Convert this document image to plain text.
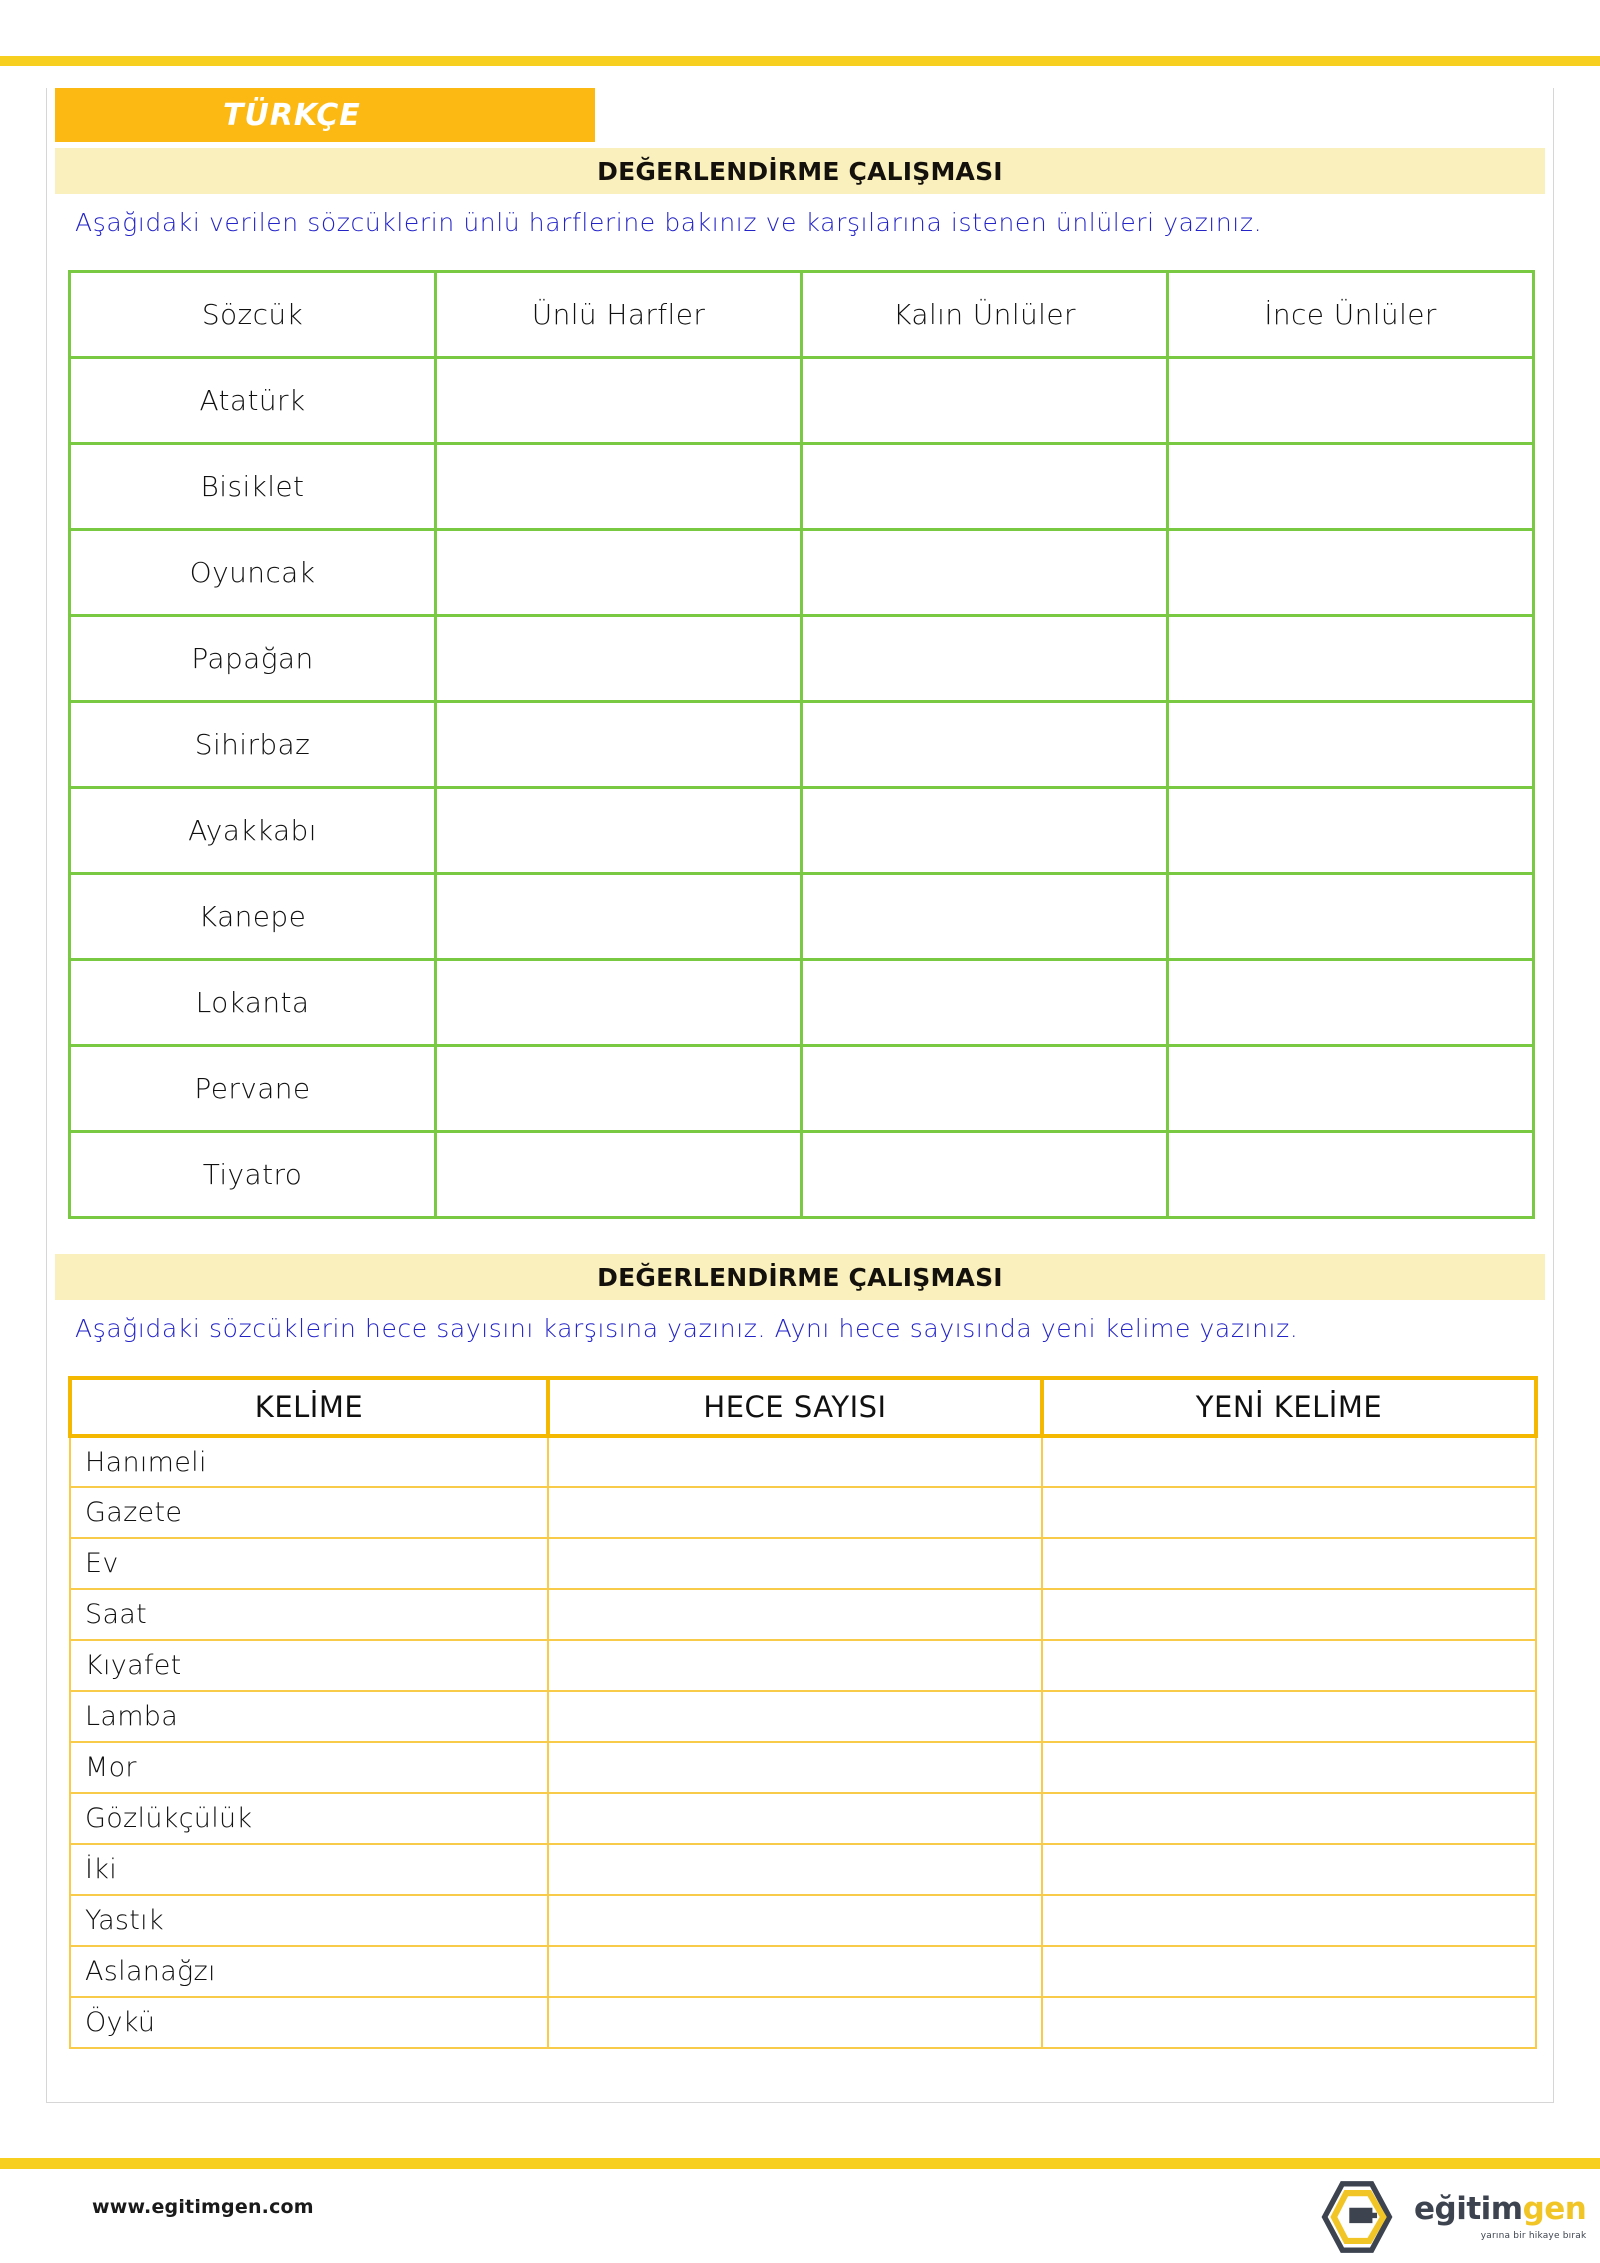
TÜRKÇE
DEĞERLENDİRME ÇALIŞMASI
Aşağıdaki verilen sözcüklerin ünlü harflerine bakınız ve karşılarına istenen ünlüleri yazınız.
Sözcük	Ünlü Harfler	Kalın Ünlüler	İnce Ünlüler
Atatürk			
Bisiklet			
Oyuncak			
Papağan			
Sihirbaz			
Ayakkabı			
Kanepe			
Lokanta			
Pervane			
Tiyatro			
DEĞERLENDİRME ÇALIŞMASI
Aşağıdaki sözcüklerin hece sayısını karşısına yazınız. Aynı hece sayısında yeni kelime yazınız.
KELİME	HECE SAYISI	YENİ KELİME
Hanımeli		
Gazete		
Ev		
Saat		
Kıyafet		
Lamba		
Mor		
Gözlükçülük		
İki		
Yastık		
Aslanağzı		
Öykü		
www.egitimgen.com	eğitimgen
yarına bir hikaye bırak
